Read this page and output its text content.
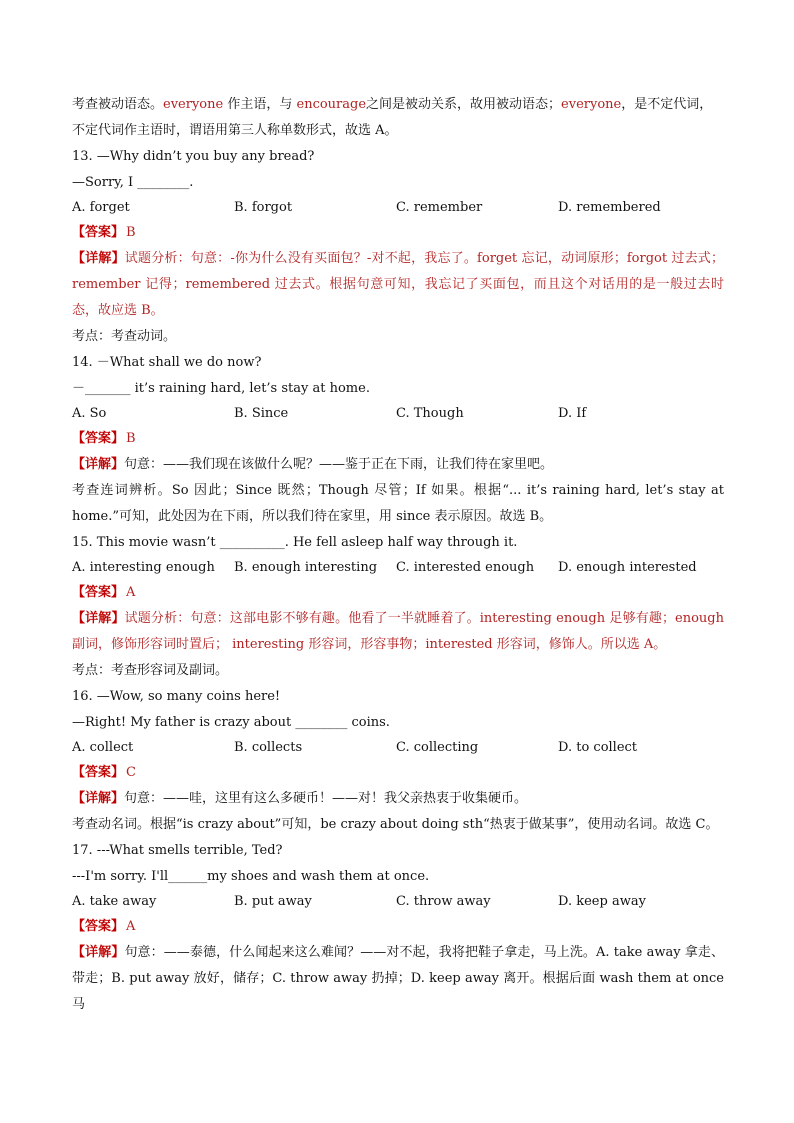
考查被动语态。everyone 作主语，与 encourage之间是被动关系，故用被动语态；everyone，是不定代词，
不定代词作主语时，谓语用第三人称单数形式，故选 A。
13. —Why didn’t you buy any bread?
—Sorry, I ________.
A. forget	B. forgot	C. remember	D. remembered
【答案】 B
【详解】试题分析：句意：-你为什么没有买面包？-对不起，我忘了。forget 忘记，动词原形；forgot 过去式；remember 记得；remembered 过去式。根据句意可知，我忘记了买面包，而且这个对话用的是一般过去时态，故应选 B。
考点：考查动词。
14. －What shall we do now?
－_______ it’s raining hard, let’s stay at home.
A. So	B. Since	C. Though	D. If
【答案】 B
【详解】句意：——我们现在该做什么呢？——鉴于正在下雨，让我们待在家里吧。
考查连词辨析。So 因此；Since 既然；Though 尽管；If 如果。根据“... it’s raining hard, let’s stay at home.”可知，此处因为在下雨，所以我们待在家里，用 since 表示原因。故选 B。
15. This movie wasn’t __________. He fell asleep half way through it.
A. interesting enough	B. enough interesting	C. interested enough	D. enough interested
【答案】 A
【详解】试题分析：句意：这部电影不够有趣。他看了一半就睡着了。interesting enough 足够有趣；enough 副词，修饰形容词时置后； interesting 形容词，形容事物；interested 形容词，修饰人。所以选 A。
考点：考查形容词及副词。
16. —Wow, so many coins here!
—Right! My father is crazy about ________ coins.
A. collect	B. collects	C. collecting	D. to collect
【答案】 C
【详解】句意：——哇，这里有这么多硬币！——对！我父亲热衷于收集硬币。
考查动名词。根据“is crazy about”可知，be crazy about doing sth“热衷于做某事”，使用动名词。故选 C。
17. ---What smells terrible, Ted?
---I'm sorry. I'll______my shoes and wash them at once.
A. take away	B. put away	C. throw away	D. keep away
【答案】 A
【详解】句意：——泰德，什么闻起来这么难闻？——对不起，我将把鞋子拿走，马上洗。A. take away 拿走、带走；B. put away 放好，储存；C. throw away 扔掉；D. keep away 离开。根据后面 wash them at once 马
